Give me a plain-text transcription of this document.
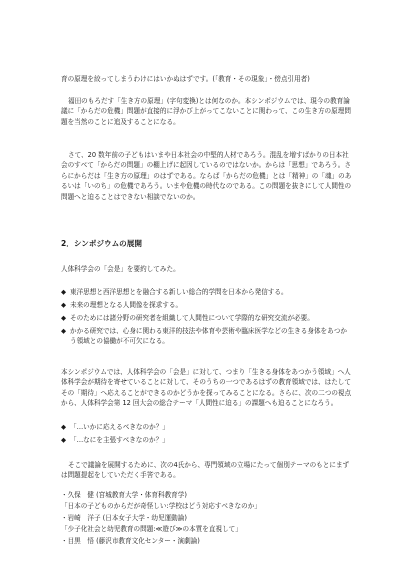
育の原理を絞ってしまうわけにはいかぬはずです。(「教育・その現象」・傍点引用者)

福田のもろだす「生き方の原理」(字句変換)とは何なのか。本シンポジウムでは、現今の教育論議に「からだの危機」問題が直接的に浮かび上がってこないことに関わって、この生き方の原理問題を当然のことに追及することになる。

さて、20 数年前の子どもはいまや日本社会の中堅的人材であろう。混乱を増すばかりの日本社会のすべて「からだの問題」の棚上げに起因しているのではないか。からは「思想」であろう。さらにからだは「生き方の原理」のはずである。ならば「からだの危機」とは「精神」の「魂」のあるいは「いのち」の危機であろう。いまや危機の時代なのである。この問題を抜きにして人間性の問題へと迫ることはできない相談でないのか。

2．シンポジウムの展開

人体科学会の「会是」を要約してみた。

◆ 東洋思想と西洋思想とを融合する新しい総合的学問を日本から発信する。
◆ 未来の理想となる人間像を探求する。
◆ そのためには諸分野の研究者を組織して人間性について学際的な研究交流が必要。
◆ かかる研究では、心身に関わる東洋的技法や体育や芸術や臨床医学などの生きる身体をあつかう領域との協働が不可欠になる。

本シンポジウムでは、人体科学会の「会是」に対して、つまり「生きる身体をあつかう領域」へ人体科学会が期待を寄せていることに対して、そのうちの一つであるはずの教育領域では、はたしてその「期待」へ応えることができるのかどうかを探ってみることになる。さらに、次の二つの視点から、人体科学会第 12 回大会の総合テーマ「人間性に迫る」の課題へも迫ることになろう。

◆ 「…いかに応えるべきなのか？」
◆ 「…なにを主張すべきなのか？」

そこで議論を展開するために、次の4氏から、専門領域の立場にたって個別テーマのもとにまずは問題提起をしていただく手筈である。

・久保　健 (宮城教育大学・体育科教育学)
「日本の子どものからだが奇怪しい:学校はどう対応すべきなのか」
・岩崎　洋子 (日本女子大学・幼児運動論)
「少子化社会と幼児教育の問題:≪遊び≫の本質を直視して」
・目黒　悟 (藤沢市教育文化センター・演劇論)
